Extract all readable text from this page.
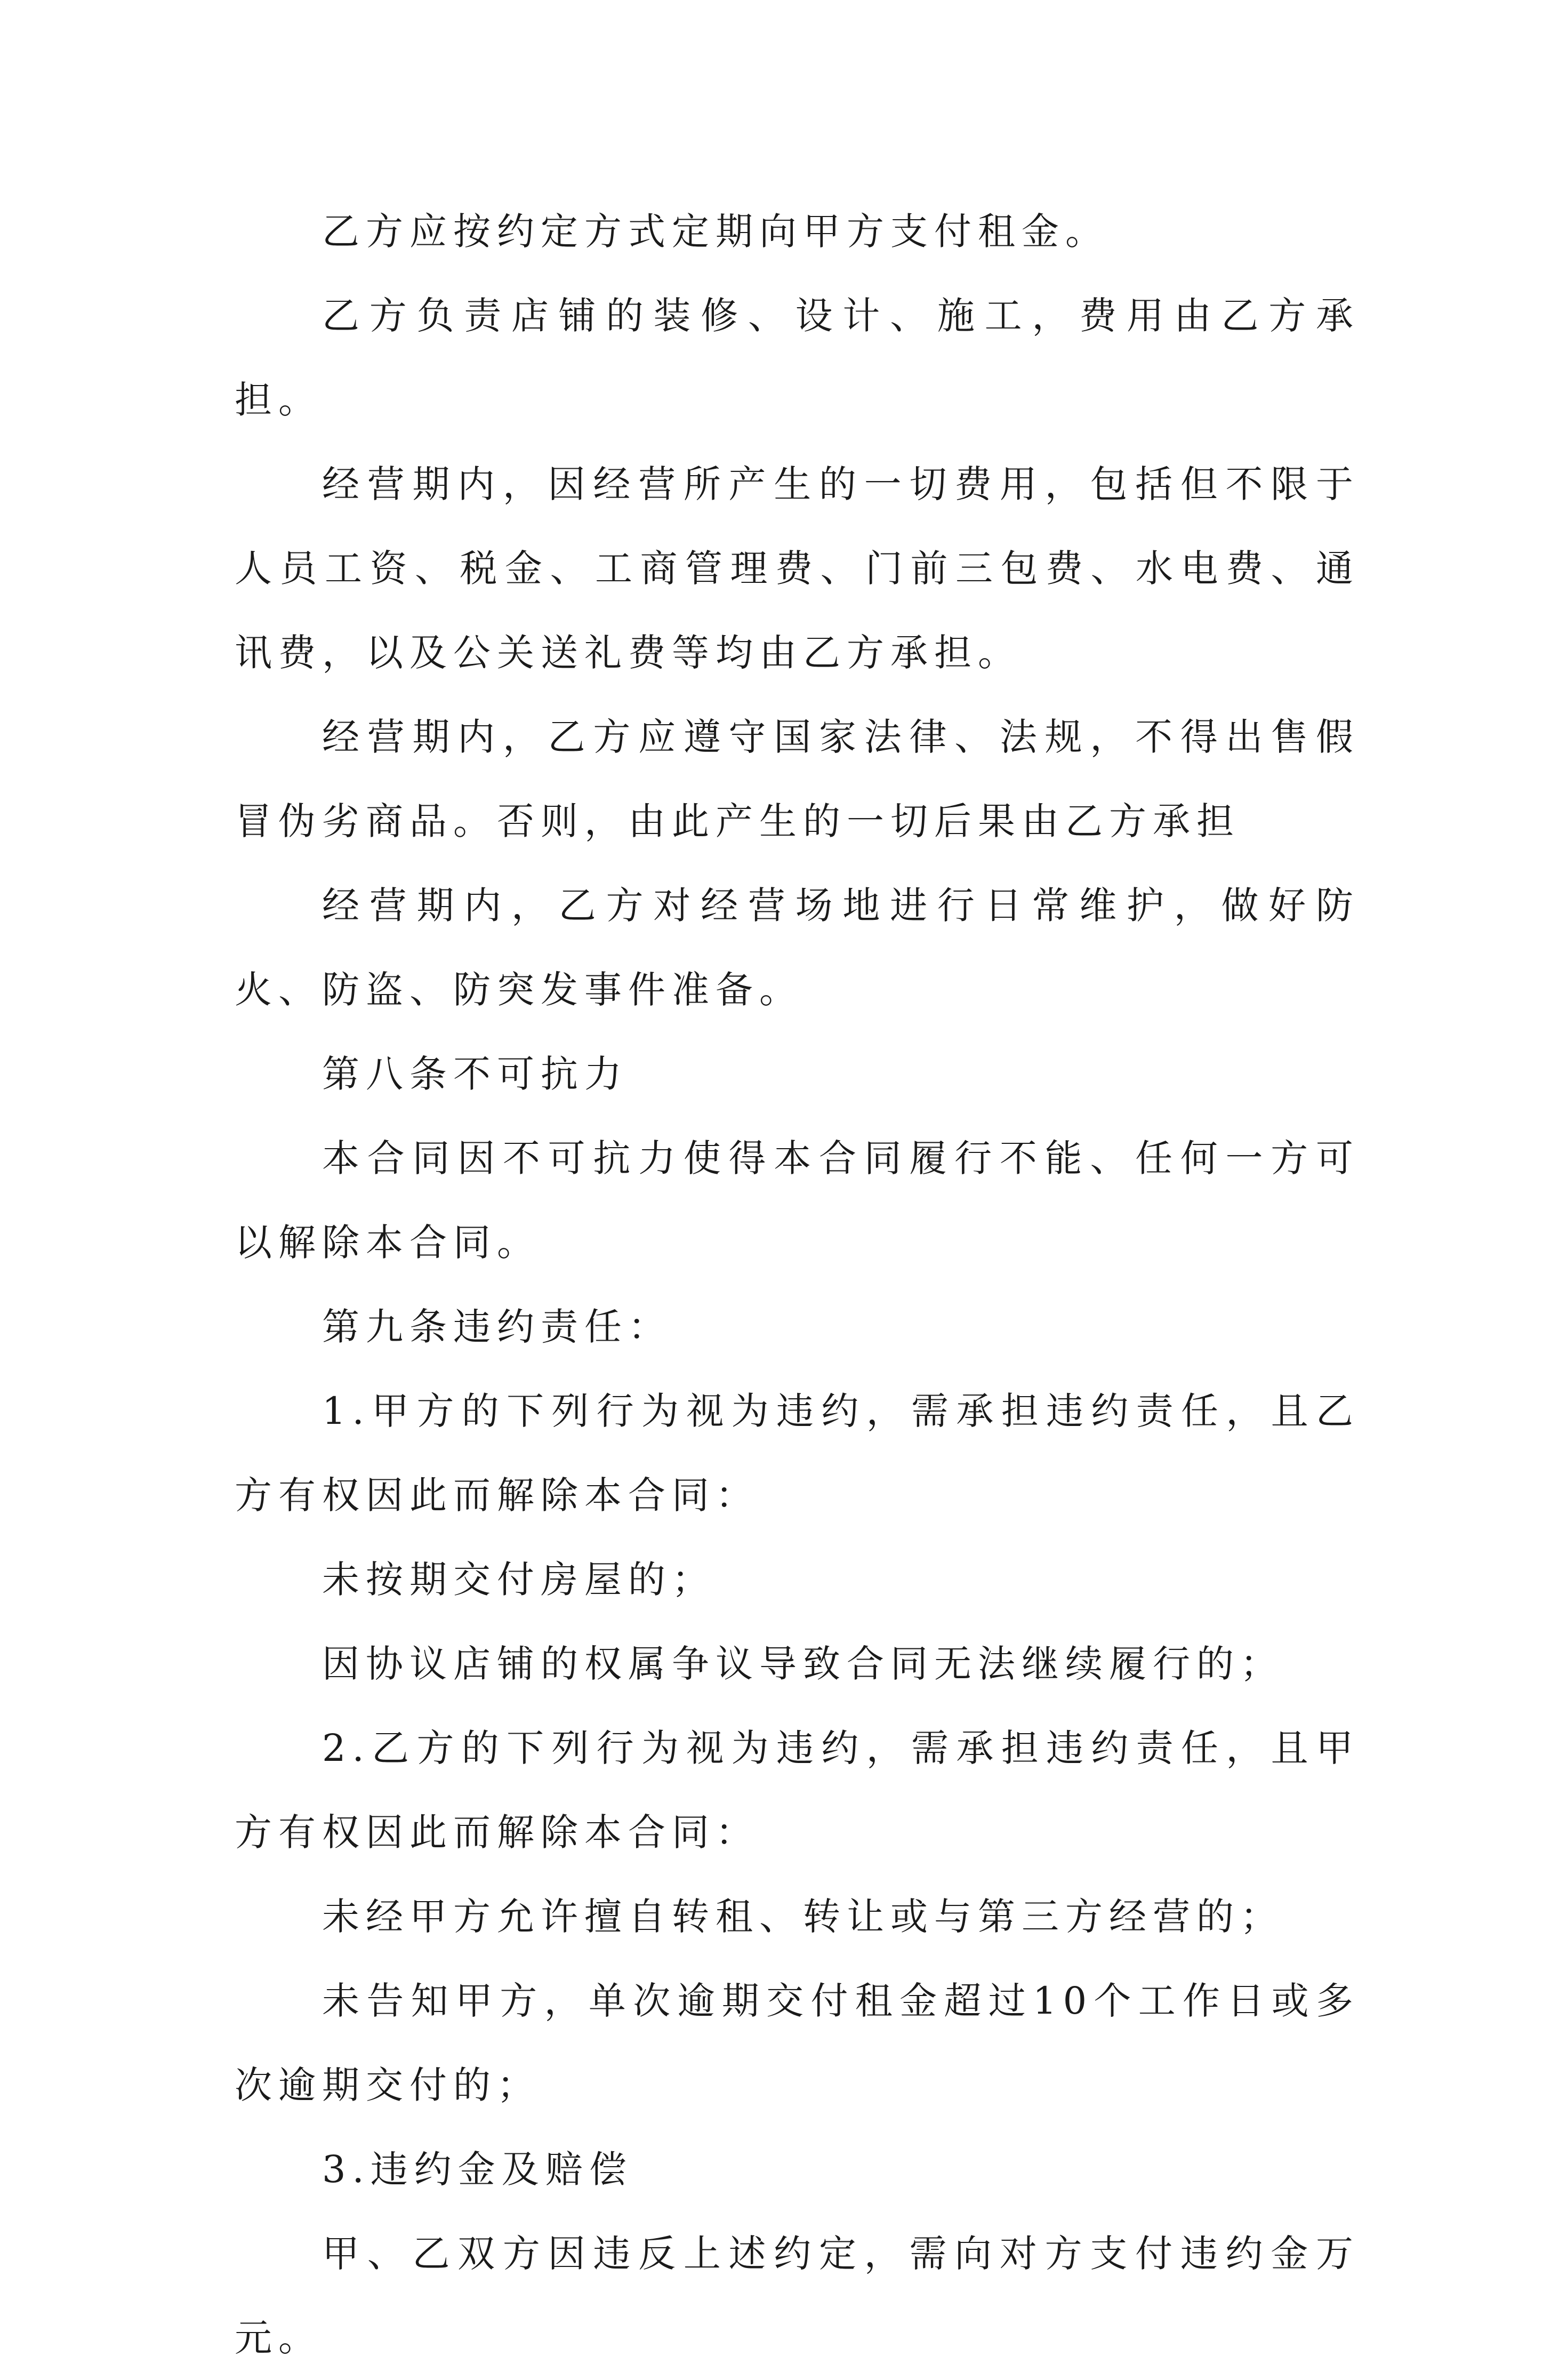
乙方应按约定方式定期向甲方支付租金。

乙方负责店铺的装修、设计、施工，费用由乙方承担。

经营期内，因经营所产生的一切费用，包括但不限于人员工资、税金、工商管理费、门前三包费、水电费、通讯费，以及公关送礼费等均由乙方承担。

经营期内，乙方应遵守国家法律、法规，不得出售假冒伪劣商品。否则，由此产生的一切后果由乙方承担

经营期内，乙方对经营场地进行日常维护，做好防火、防盗、防突发事件准备。

第八条不可抗力

本合同因不可抗力使得本合同履行不能、任何一方可以解除本合同。

第九条违约责任：

1.甲方的下列行为视为违约，需承担违约责任，且乙方有权因此而解除本合同：

未按期交付房屋的；

因协议店铺的权属争议导致合同无法继续履行的；

2.乙方的下列行为视为违约，需承担违约责任，且甲方有权因此而解除本合同：

未经甲方允许擅自转租、转让或与第三方经营的；

未告知甲方，单次逾期交付租金超过10个工作日或多次逾期交付的；

3.违约金及赔偿

甲、乙双方因违反上述约定，需向对方支付违约金万元。
